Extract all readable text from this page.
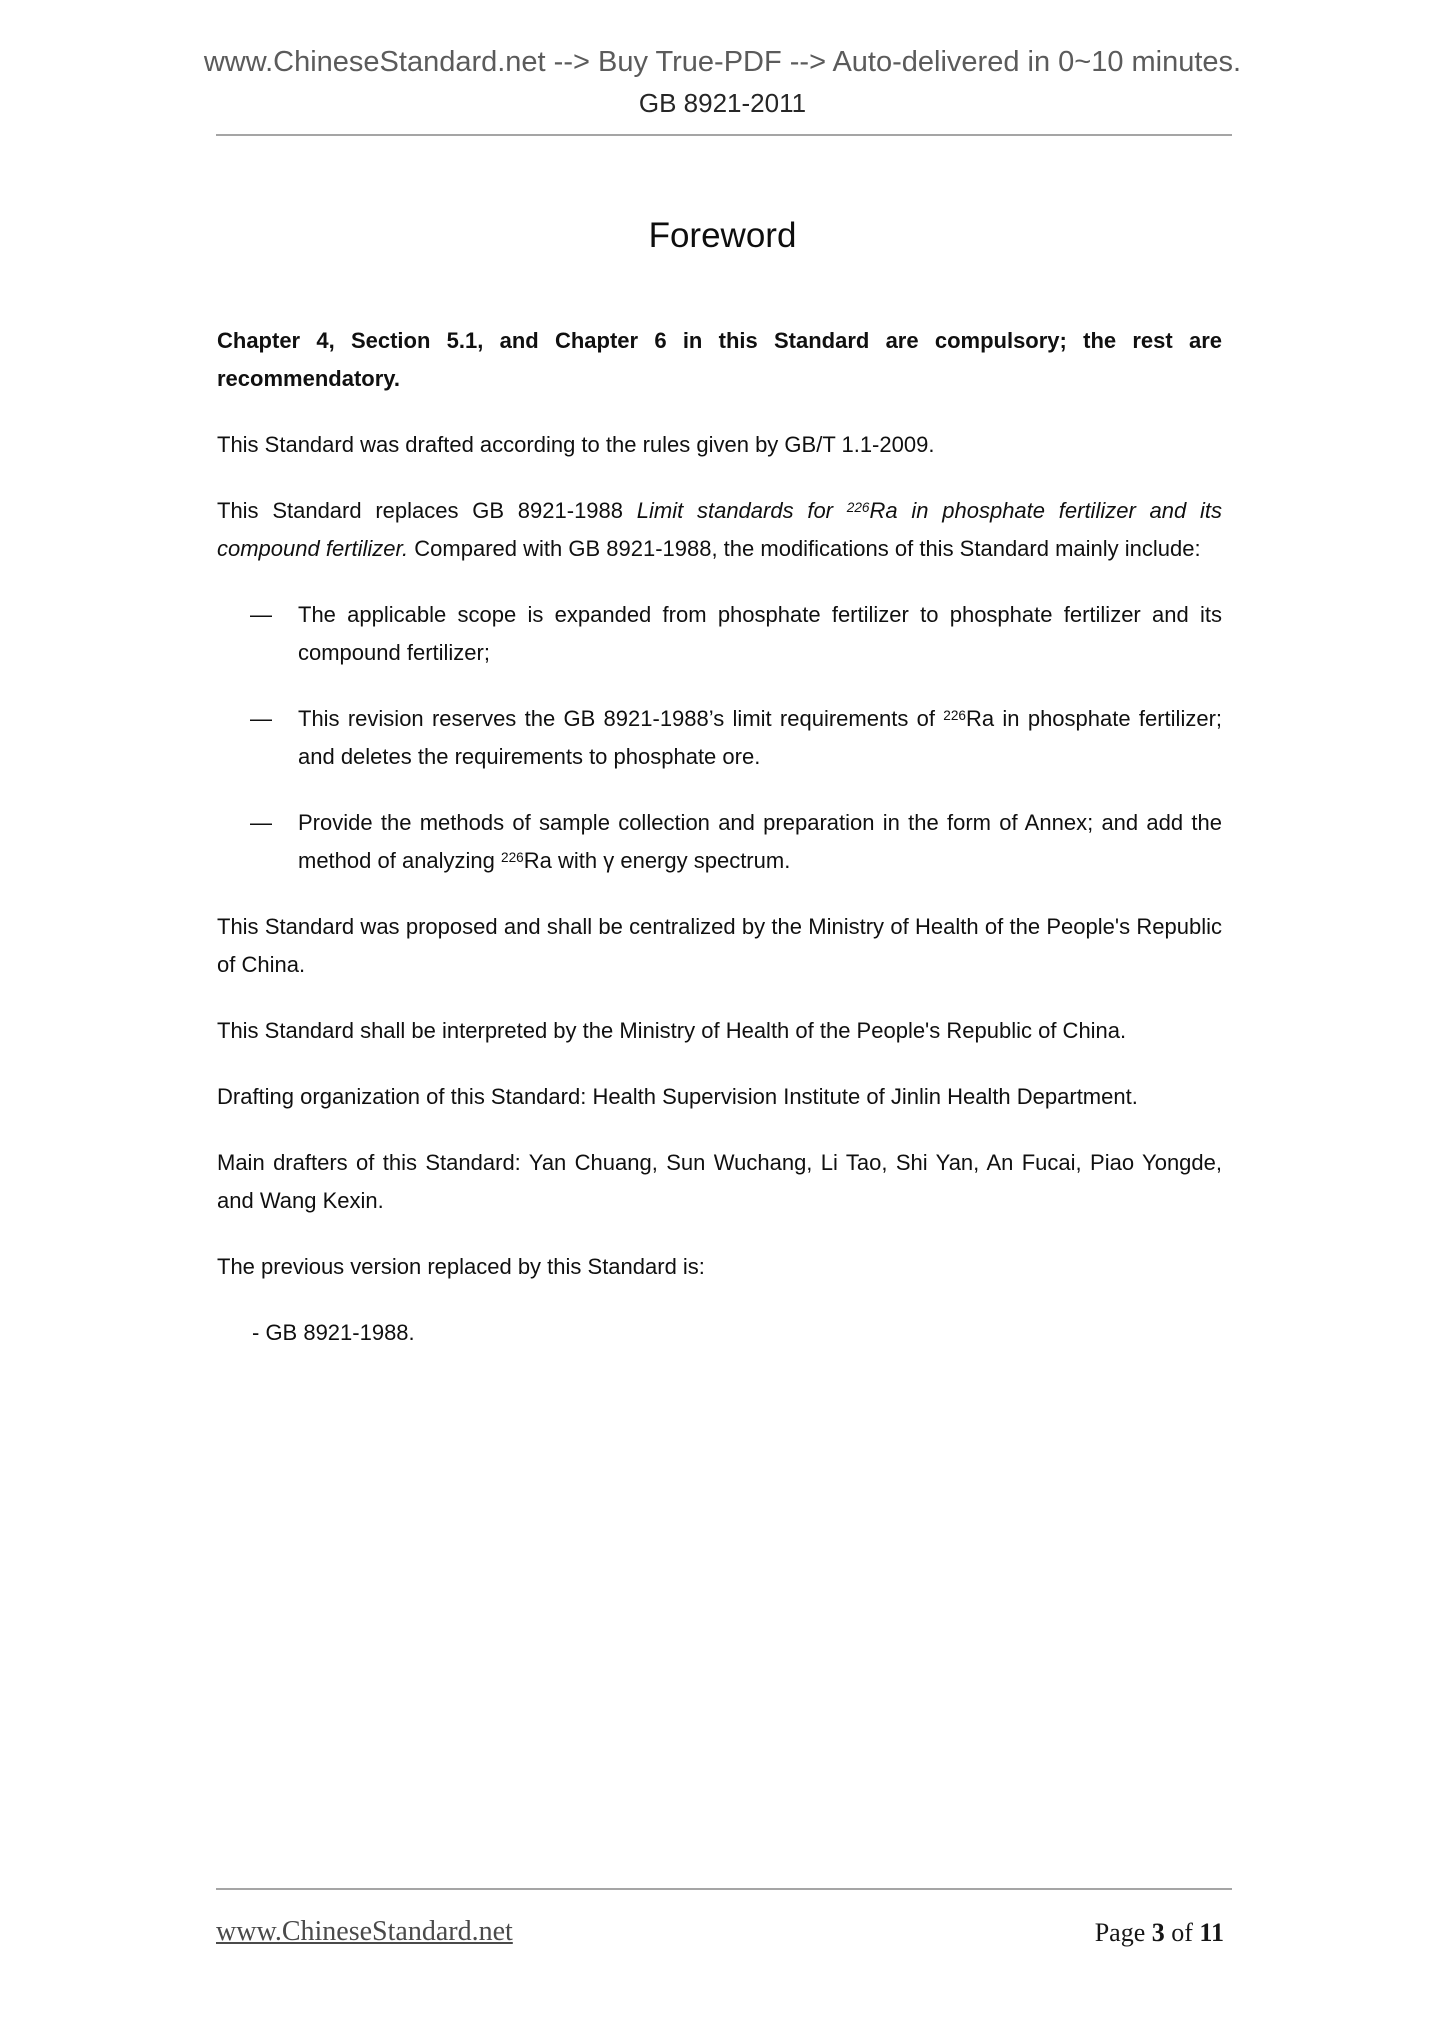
www.ChineseStandard.net --> Buy True-PDF --> Auto-delivered in 0~10 minutes.
GB 8921-2011
Foreword
Chapter 4, Section 5.1, and Chapter 6 in this Standard are compulsory; the rest are recommendatory.
This Standard was drafted according to the rules given by GB/T 1.1-2009.
This Standard replaces GB 8921-1988 Limit standards for $^{226}$Ra in phosphate fertilizer and its compound fertilizer. Compared with GB 8921-1988, the modifications of this Standard mainly include:
— The applicable scope is expanded from phosphate fertilizer to phosphate fertilizer and its compound fertilizer;
— This revision reserves the GB 8921-1988’s limit requirements of $^{226}$Ra in phosphate fertilizer; and deletes the requirements to phosphate ore.
— Provide the methods of sample collection and preparation in the form of Annex; and add the method of analyzing $^{226}$Ra with γ energy spectrum.
This Standard was proposed and shall be centralized by the Ministry of Health of the People's Republic of China.
This Standard shall be interpreted by the Ministry of Health of the People's Republic of China.
Drafting organization of this Standard: Health Supervision Institute of Jinlin Health Department.
Main drafters of this Standard: Yan Chuang, Sun Wuchang, Li Tao, Shi Yan, An Fucai, Piao Yongde, and Wang Kexin.
The previous version replaced by this Standard is:
- GB 8921-1988.
www.ChineseStandard.net	Page 3 of 11
